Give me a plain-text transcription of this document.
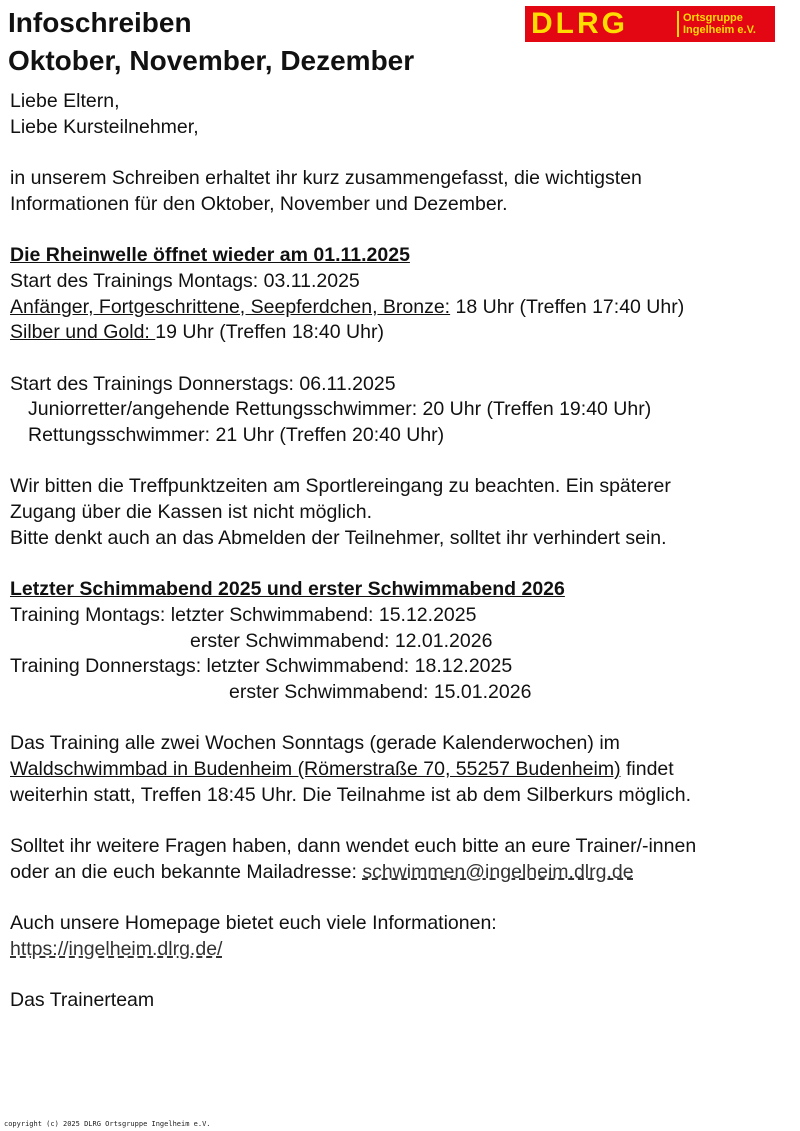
Infoschreiben
Oktober, November, Dezember
DLRG	Ortsgruppe
Ingelheim e.V.
Liebe Eltern,
Liebe Kursteilnehmer,
in unserem Schreiben erhaltet ihr kurz zusammengefasst, die wichtigsten
Informationen für den Oktober, November und Dezember.
Die Rheinwelle öffnet wieder am 01.11.2025
Start des Trainings Montags: 03.11.2025
Anfänger, Fortgeschrittene, Seepferdchen, Bronze: 18 Uhr (Treffen 17:40 Uhr)
Silber und Gold: 19 Uhr (Treffen 18:40 Uhr)
Start des Trainings Donnerstags: 06.11.2025
Juniorretter/angehende Rettungsschwimmer: 20 Uhr (Treffen 19:40 Uhr)
Rettungsschwimmer: 21 Uhr (Treffen 20:40 Uhr)
Wir bitten die Treffpunktzeiten am Sportlereingang zu beachten. Ein späterer
Zugang über die Kassen ist nicht möglich.
Bitte denkt auch an das Abmelden der Teilnehmer, solltet ihr verhindert sein.
Letzter Schimmabend 2025 und erster Schwimmabend 2026
Training Montags: letzter Schwimmabend: 15.12.2025
erster Schwimmabend: 12.01.2026
Training Donnerstags: letzter Schwimmabend: 18.12.2025
erster Schwimmabend: 15.01.2026
Das Training alle zwei Wochen Sonntags (gerade Kalenderwochen) im
Waldschwimmbad in Budenheim (Römerstraße 70, 55257 Budenheim) findet
weiterhin statt, Treffen 18:45 Uhr. Die Teilnahme ist ab dem Silberkurs möglich.
Solltet ihr weitere Fragen haben, dann wendet euch bitte an eure Trainer/-innen
oder an die euch bekannte Mailadresse: schwimmen@ingelheim.dlrg.de
Auch unsere Homepage bietet euch viele Informationen:
https://ingelheim.dlrg.de/
Das Trainerteam
copyright (c) 2025 DLRG Ortsgruppe Ingelheim e.V.
